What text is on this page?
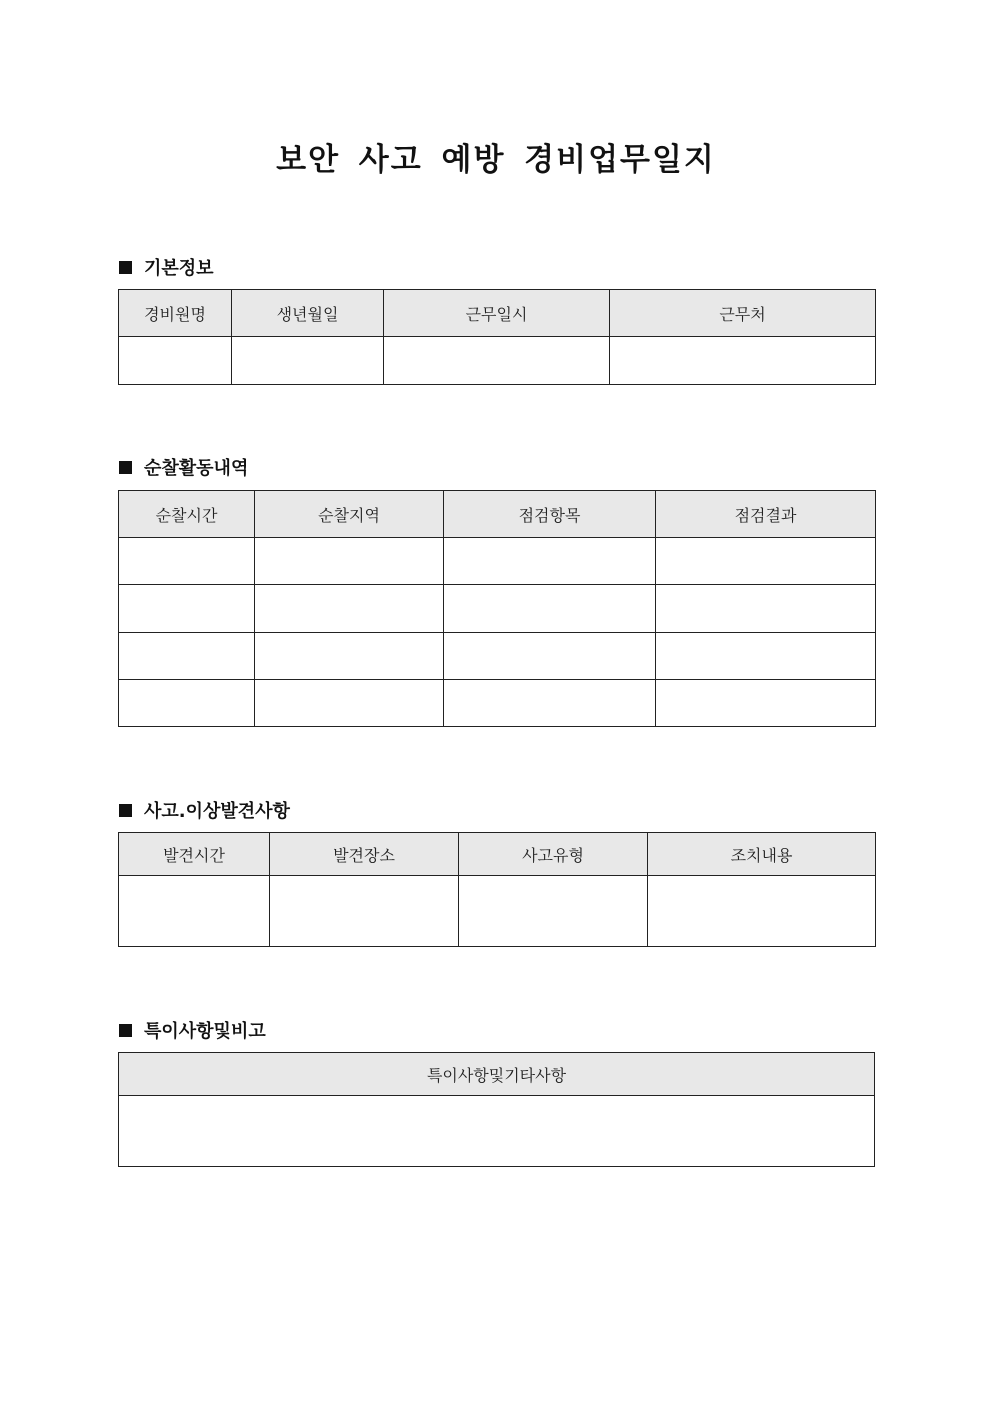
보안 사고 예방 경비업무일지
기본정보
경비원명	생년월일	근무일시	근무처

순찰활동내역
순찰시간	순찰지역	점검항목	점검결과

사고.이상발견사항
발견시간	발견장소	사고유형	조치내용

특이사항및비고
특이사항및기타사항
